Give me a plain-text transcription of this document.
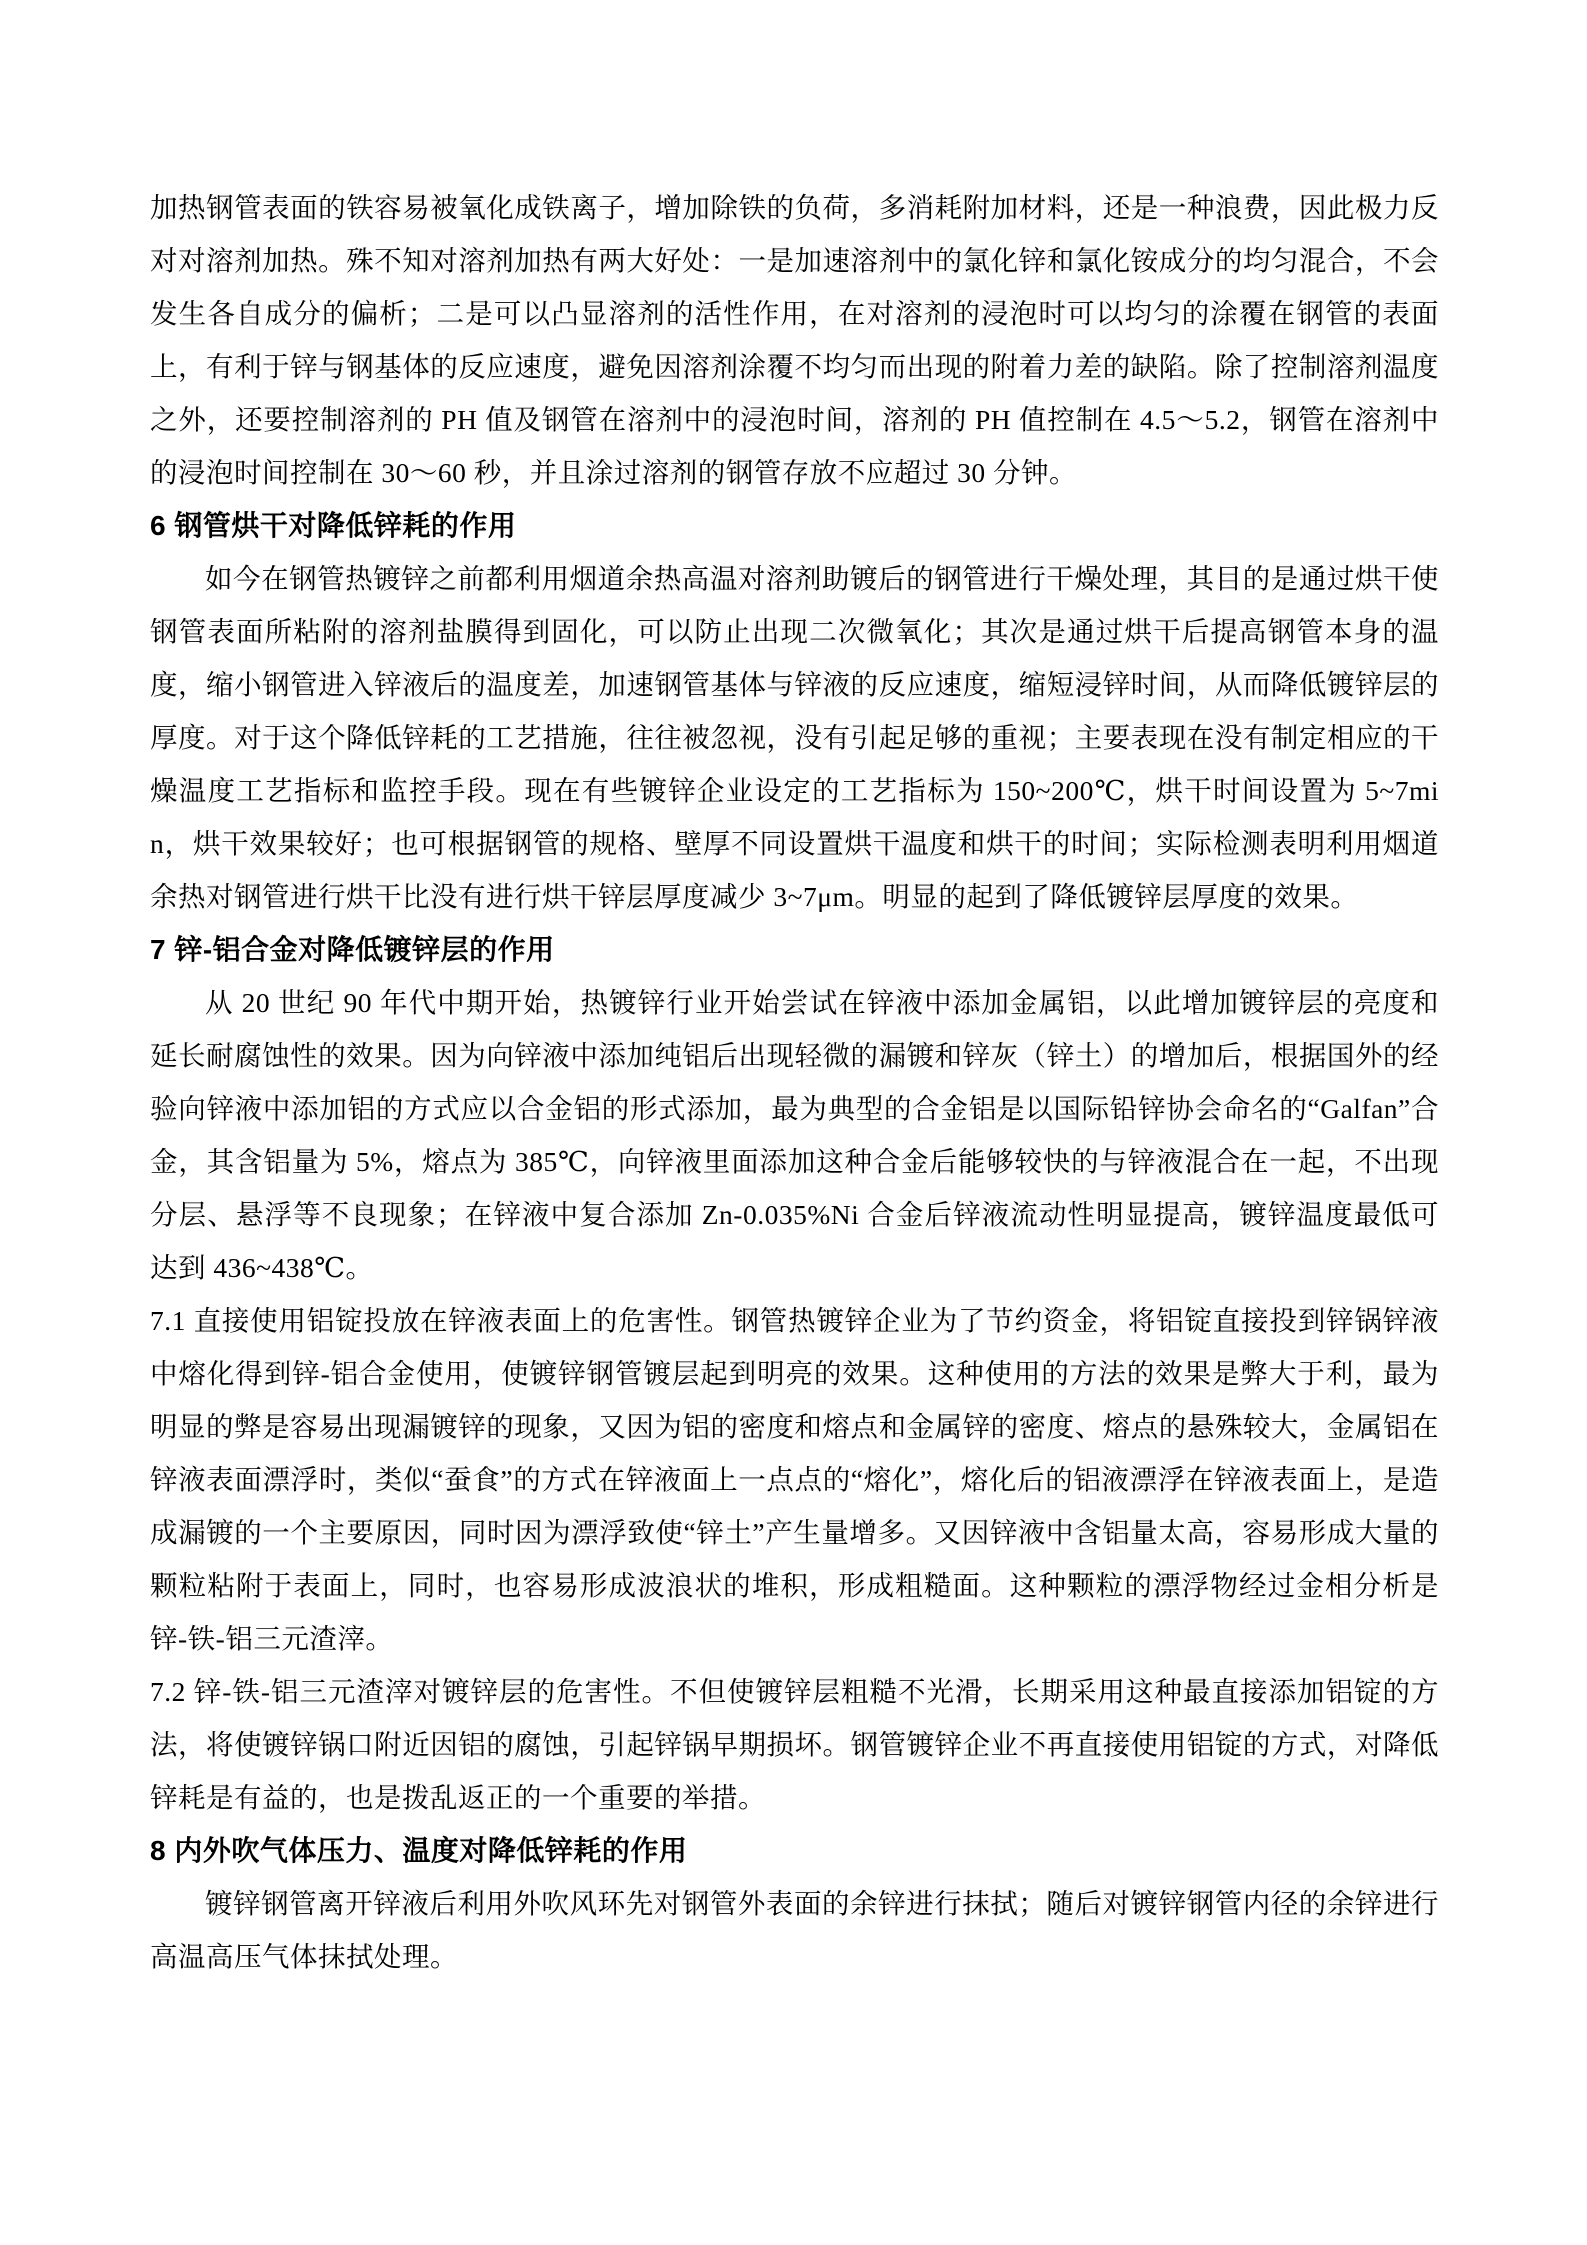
加热钢管表面的铁容易被氧化成铁离子，增加除铁的负荷，多消耗附加材料，还是一种浪费，因此极力反对对溶剂加热。殊不知对溶剂加热有两大好处：一是加速溶剂中的氯化锌和氯化铵成分的均匀混合，不会发生各自成分的偏析；二是可以凸显溶剂的活性作用，在对溶剂的浸泡时可以均匀的涂覆在钢管的表面上，有利于锌与钢基体的反应速度，避免因溶剂涂覆不均匀而出现的附着力差的缺陷。除了控制溶剂温度之外，还要控制溶剂的 PH 值及钢管在溶剂中的浸泡时间，溶剂的 PH 值控制在 4.5～5.2，钢管在溶剂中的浸泡时间控制在 30～60 秒，并且涂过溶剂的钢管存放不应超过 30 分钟。

6 钢管烘干对降低锌耗的作用

如今在钢管热镀锌之前都利用烟道余热高温对溶剂助镀后的钢管进行干燥处理，其目的是通过烘干使钢管表面所粘附的溶剂盐膜得到固化，可以防止出现二次微氧化；其次是通过烘干后提高钢管本身的温度，缩小钢管进入锌液后的温度差，加速钢管基体与锌液的反应速度，缩短浸锌时间，从而降低镀锌层的厚度。对于这个降低锌耗的工艺措施，往往被忽视，没有引起足够的重视；主要表现在没有制定相应的干燥温度工艺指标和监控手段。现在有些镀锌企业设定的工艺指标为 150~200℃，烘干时间设置为 5~7min，烘干效果较好；也可根据钢管的规格、壁厚不同设置烘干温度和烘干的时间；实际检测表明利用烟道余热对钢管进行烘干比没有进行烘干锌层厚度减少 3~7μm。明显的起到了降低镀锌层厚度的效果。

7 锌-铝合金对降低镀锌层的作用

从 20 世纪 90 年代中期开始，热镀锌行业开始尝试在锌液中添加金属铝，以此增加镀锌层的亮度和延长耐腐蚀性的效果。因为向锌液中添加纯铝后出现轻微的漏镀和锌灰（锌土）的增加后，根据国外的经验向锌液中添加铝的方式应以合金铝的形式添加，最为典型的合金铝是以国际铅锌协会命名的“Galfan”合金，其含铝量为 5%，熔点为 385℃，向锌液里面添加这种合金后能够较快的与锌液混合在一起，不出现分层、悬浮等不良现象；在锌液中复合添加 Zn-0.035%Ni 合金后锌液流动性明显提高，镀锌温度最低可达到 436~438℃。

7.1 直接使用铝锭投放在锌液表面上的危害性。钢管热镀锌企业为了节约资金，将铝锭直接投到锌锅锌液中熔化得到锌-铝合金使用，使镀锌钢管镀层起到明亮的效果。这种使用的方法的效果是弊大于利，最为明显的弊是容易出现漏镀锌的现象，又因为铝的密度和熔点和金属锌的密度、熔点的悬殊较大，金属铝在锌液表面漂浮时，类似“蚕食”的方式在锌液面上一点点的“熔化”，熔化后的铝液漂浮在锌液表面上，是造成漏镀的一个主要原因，同时因为漂浮致使“锌土”产生量增多。又因锌液中含铝量太高，容易形成大量的颗粒粘附于表面上，同时，也容易形成波浪状的堆积，形成粗糙面。这种颗粒的漂浮物经过金相分析是锌-铁-铝三元渣滓。

7.2 锌-铁-铝三元渣滓对镀锌层的危害性。不但使镀锌层粗糙不光滑，长期采用这种最直接添加铝锭的方法，将使镀锌锅口附近因铝的腐蚀，引起锌锅早期损坏。钢管镀锌企业不再直接使用铝锭的方式，对降低锌耗是有益的，也是拨乱返正的一个重要的举措。

8 内外吹气体压力、温度对降低锌耗的作用

镀锌钢管离开锌液后利用外吹风环先对钢管外表面的余锌进行抹拭；随后对镀锌钢管内径的余锌进行高温高压气体抹拭处理。
